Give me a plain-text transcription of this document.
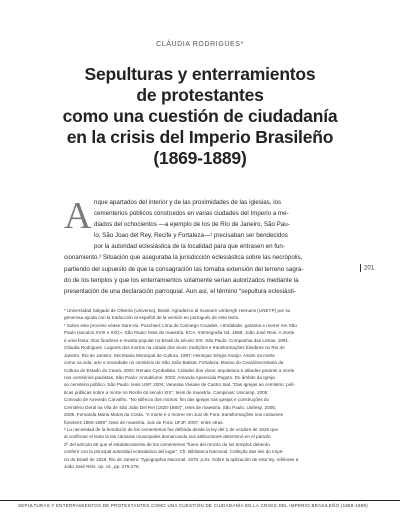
CLÁUDIA RODRIGUES*
Sepulturas y enterramientos
de protestantes
como una cuestión de ciudadanía
en la crisis del Imperio Brasileño
(1869-1889)
A nque apartados del interior y de las proximidades de las iglesias, los
cementerios públicos construidos en varias ciudades del Imperio a me-
diados del ochocientos —a ejemplo de los de Río de Janeiro, São Pau-
lo, São Joao del Rey, Recife y Fortaleza—¹ precisaban ser bendecidos
por la autoridad eclesiástica de la localidad para que entrasen en fun-
cionamiento.² Situación que aseguraba la jurisdicción eclesiástica sobre las necrópolis,
partiendo del supuesto de que la consagración las tornaba extensión del terreno sagra-
do de los templos y que los enterramientos solamente serían autorizados mediante la
presentación de una declaración parroquial. Aun así, el término “sepultura eclesiásti-
201
* Universidad Salgado de Oliveira (Universo), Brasil. Agradezco al museum Umbergh Hernans (UNEYP) por su
generosa ayuda con la traducción al español de la versión en portugués de este texto.
¹ Sobre este proceso véase Sara Hu. Puschael: Lima de Camargo Cruades. «Irmãdade, garantia e morrer em São
Paulo (seculos XVIII e XIX)». São Paulo: tesis de maestría. ECA. Intrmegrafia Ud. 1988; João José Reis. A morte
é uma festa: ritos fúnebres e revolta popular no Brasil do século XIX. São Paulo: Companhia das Letras. 1991.
Cláudia Rodrigues. Lugares dos mortos na cidade dos vivos: tradições e transformações fúnebres no Rio de
Janeiro. Rio de Janeiro: Secretaria Municipal de Cultura. 1997; Henrique Sérgio Araújo. Assim na morte
como na vida: arte e sociedade no cemitério de São João Batista. Fortaleza: Museu do Ceará/Secretaria da
Cultura do Estado do Ceará. 2002; Renato Cymbalista. Cidades dos vivos: arquitetura e atitudes perante a morte
nos cemitérios paulistas. São Paulo: Annablume. 2002; Amanda Aparecida Pagoto. Do âmbito da Igreja
ao cemitério público. São Paulo: tesis USP. 2004; Vanessa Viviane de Castro Sial. “Das Igrejas ao cemitério: polí-
ticas públicas sobre a morte no Recife do século XIX”, tesis de maestría. Campinas: Unicamp. 2005;
Conrado de Azevedo Carvalho. “No silêncio dos mortos: fim das igrejas nas igrejas e construções do
Cemitério Geral na Vila de São João Del Rei (1820-1880)”, tesis de maestría. São Paulo. Unifesp. 2005;
2005. Fernanda Maria Matos da Costa. “A morte e o morrer em Juiz de Fora: transformações nos costumes
fúnebres 1850-1890”, tesis de maestría. Juiz de Fora: UFJF. 2007, entre otras.
² La necesidad de la bendición de los cementerios fue definida desde la ley del 1 de octubre de 1828 que
al confirmar el texto la las cámaras municipales demarcando sus atribuciones determinó en el párrafo
2º del artículo 66 que el establecimiento de los cementerios “fuera del recinto de los templos deberán
conferir con la principal autoridad eclesiástica del lugar”. Cfr. Biblioteca Nacional. Colleção das leis do Impé-
rio do Brasil de 1828. Rio de Janeiro: Typographia Nacional. 1878. p.81. Sobre la aplicación de esta ley, refiérase a
João José Reis. op. cit., pp. 275-276.
SEPULTURAS Y ENTERRAMIENTOS DE PROTESTANTES COMO UNA CUESTIÓN DE CIUDADANÍA EN LA CRISIS DEL IMPERIO BRASILEÑO (1869-1889)
